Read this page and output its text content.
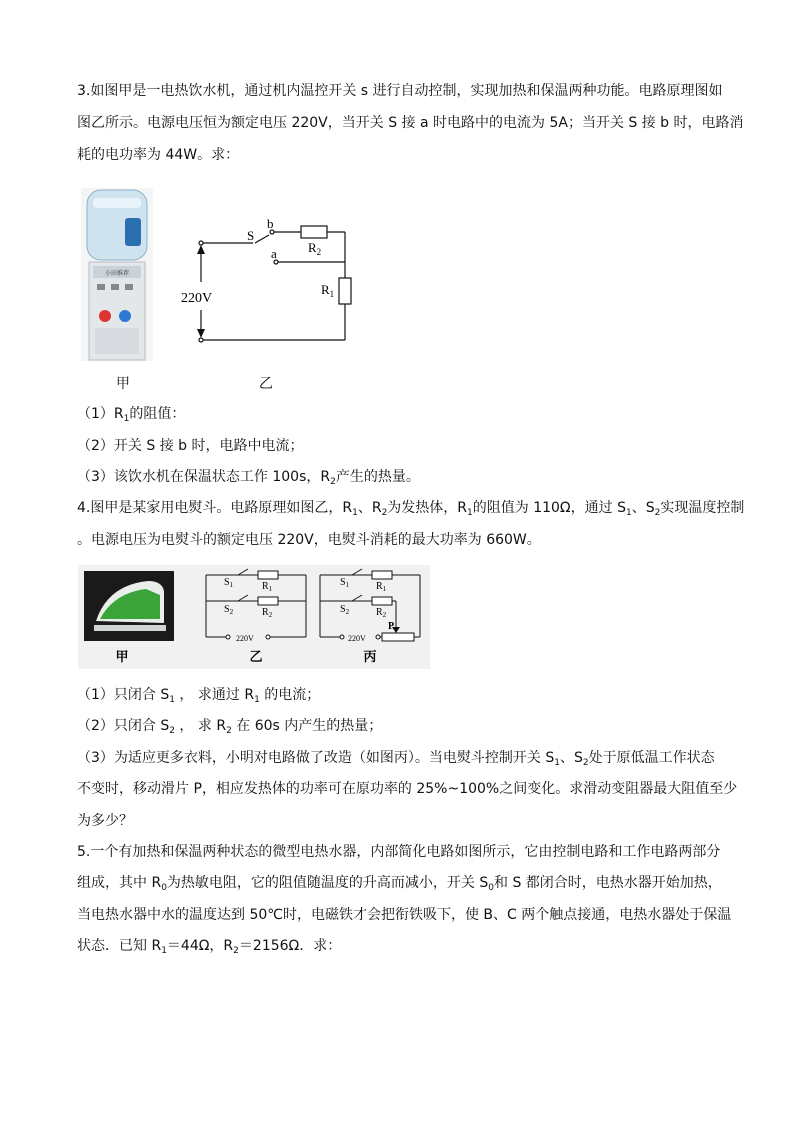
3.如图甲是一电热饮水机，通过机内温控开关 s 进行自动控制，实现加热和保温两种功能。电路原理图如
图乙所示。电源电压恒为额定电压 220V，当开关 S 接 a 时电路中的电流为 5A；当开关 S 接 b 时，电路消
耗的电功率为 44W。求：
小田推荐
甲	乙
220V
S
b
a $R_2$
$R_1$
$(1)R_1$的阻值：
（2）开关 S 接 b 时，电路中电流；
（3）该饮水机在保温状态工作 100s，$R_2$产生的热量。
4.图甲是某家用电熨斗。电路原理如图乙，$R_1$、$R_2$为发热体，$R_1$的阻值为 110Ω，通过 $S_1$、$S_2$实现温度控制
。电源电压为电熨斗的额定电压 220V，电熨斗消耗的最大功率为 660W。
甲
$S_1$
$S_2$
$R_1$
$R_2$
220V
乙
$S_1$
$S_2$
$R_1$
$R_2$
P
220V
丙
（1）只闭合 $S_1$ ， 求通过 $R_1$ 的电流；
（2）只闭合 $S_2$ ， 求 $R_2$ 在 60s 内产生的热量；
（3）为适应更多衣料，小明对电路做了改造（如图丙）。当电熨斗控制开关 $S_1$、$S_2$处于原低温工作状态
不变时，移动滑片 P，相应发热体的功率可在原功率的 25%~100%之间变化。求滑动变阻器最大阻值至少
为多少？
5.一个有加热和保温两种状态的微型电热水器，内部简化电路如图所示，它由控制电路和工作电路两部分
组成，其中 $R_0$为热敏电阻，它的阻值随温度的升高而减小，开关 $S_0$和 S 都闭合时，电热水器开始加热，
当电热水器中水的温度达到 50℃时，电磁铁才会把衔铁吸下，使 B、C 两个触点接通，电热水器处于保温
状态．已知 $R_1=44\Omega$，$R_2=2156\Omega$．求：
